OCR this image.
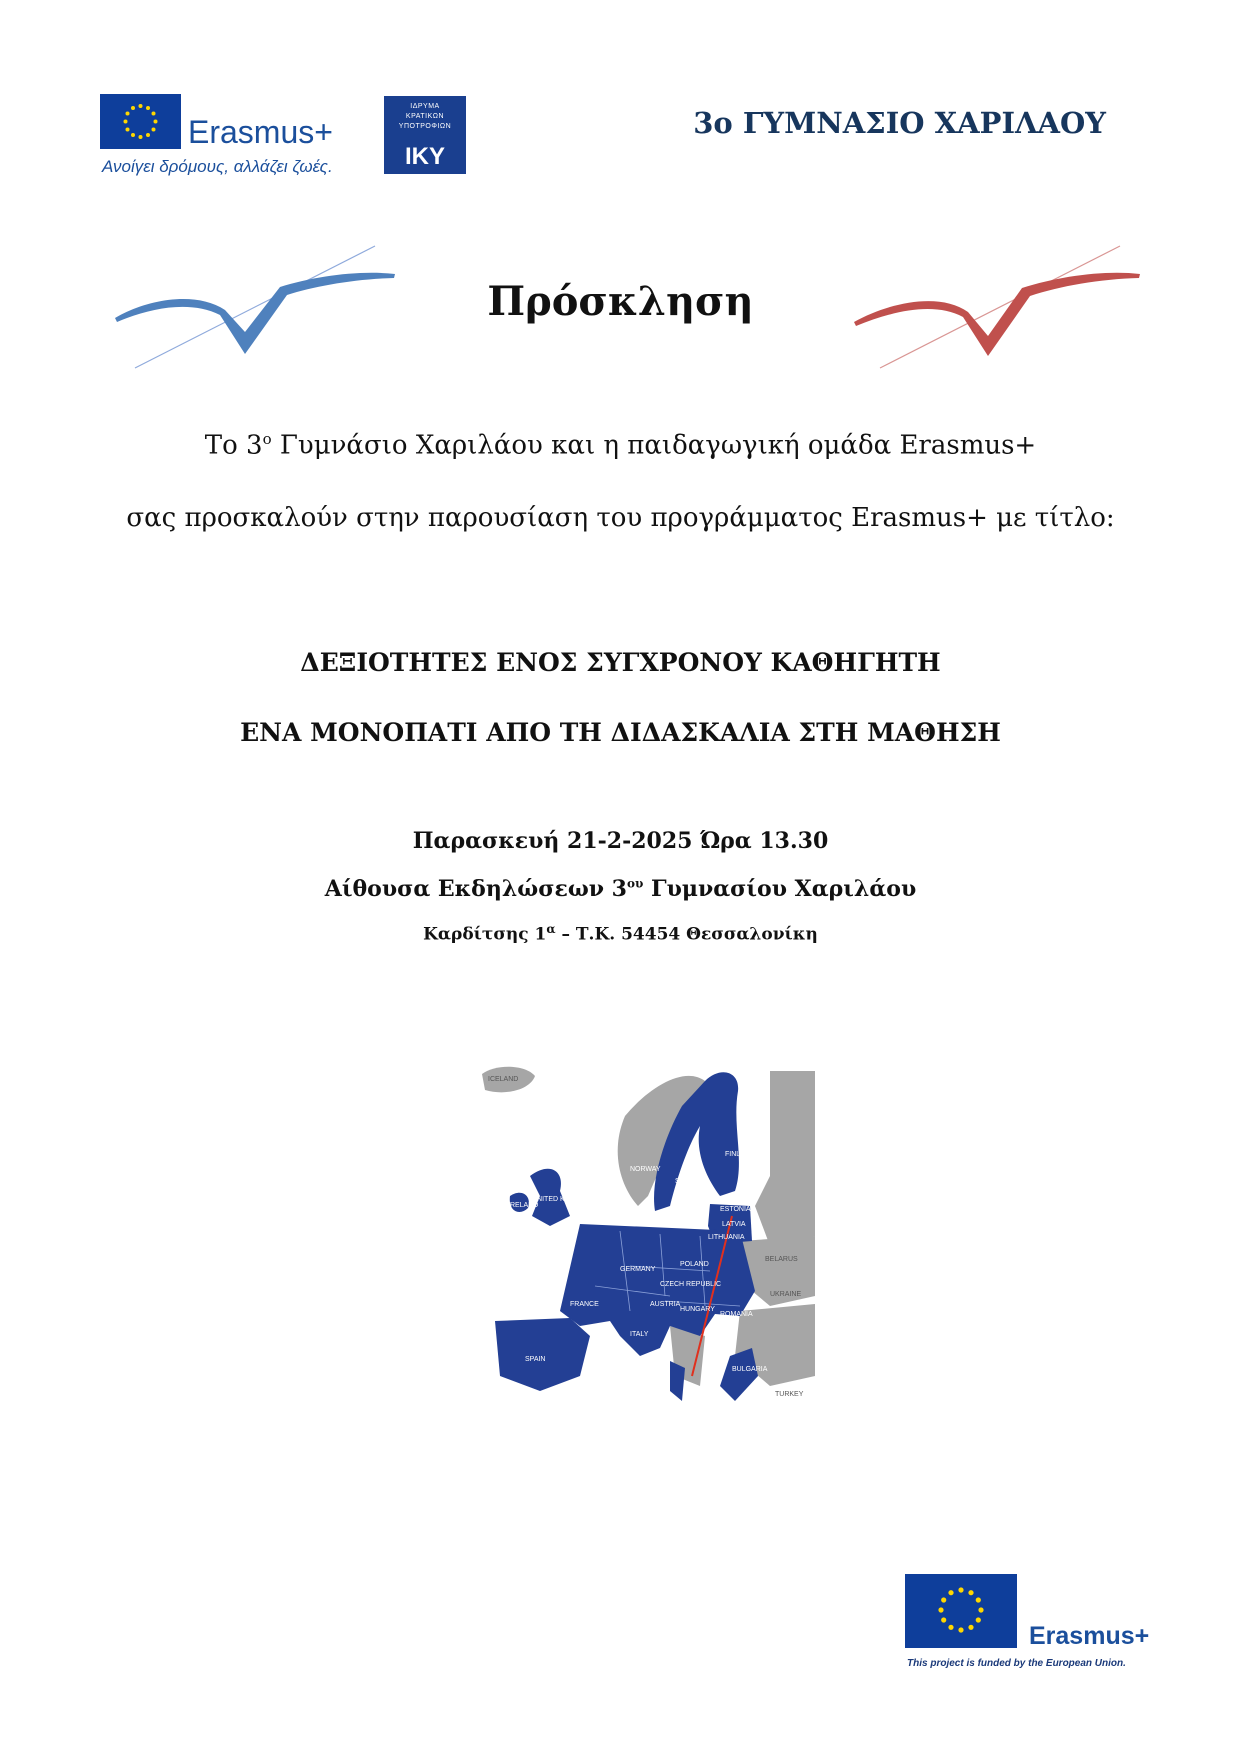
Erasmus+
Ανοίγει δρόμους, αλλάζει ζωές.
ΙΔΡΥΜΑ
ΚΡΑΤΙΚΩΝ
ΥΠΟΤΡΟΦΙΩΝ
IKY
3ο ΓΥΜΝΑΣΙΟ ΧΑΡΙΛΑΟΥ
Πρόσκληση
Το $3^o$ Γυμνάσιο Χαριλάου και η παιδαγωγική ομάδα Erasmus+
σας προσκαλούν στην παρουσίαση του προγράμματος Erasmus+ με τίτλο:
ΔΕΞΙΟΤΗΤΕΣ ΕΝΟΣ ΣΥΓΧΡΟΝΟΥ ΚΑΘΗΓΗΤΗ
ΕΝΑ ΜΟΝΟΠΑΤΙ ΑΠΟ ΤΗ ΔΙΔΑΣΚΑΛΙΑ ΣΤΗ ΜΑΘΗΣΗ
Παρασκευή 21-2-2025 Ώρα 13.30
Αίθουσα Εκδηλώσεων $3^{o\upsilon}$ Γυμνασίου Χαριλάου
Καρδίτσης $1^\alpha - T.K$. 54454 Θεσσαλονίκη
ICELAND
NORWAY
SWEDEN
FINLAND
ESTONIA
LATVIA
LITHUANIA
BELARUS
UNITED KINGDOM
IRELAND
GERMANY
POLAND
CZECH REPUBLIC
AUSTRIA
HUNGARY
ROMANIA
UKRAINE
FRANCE
ITALY
SPAIN
BULGARIA
TURKEY
Erasmus+
This project is funded by the European Union.
